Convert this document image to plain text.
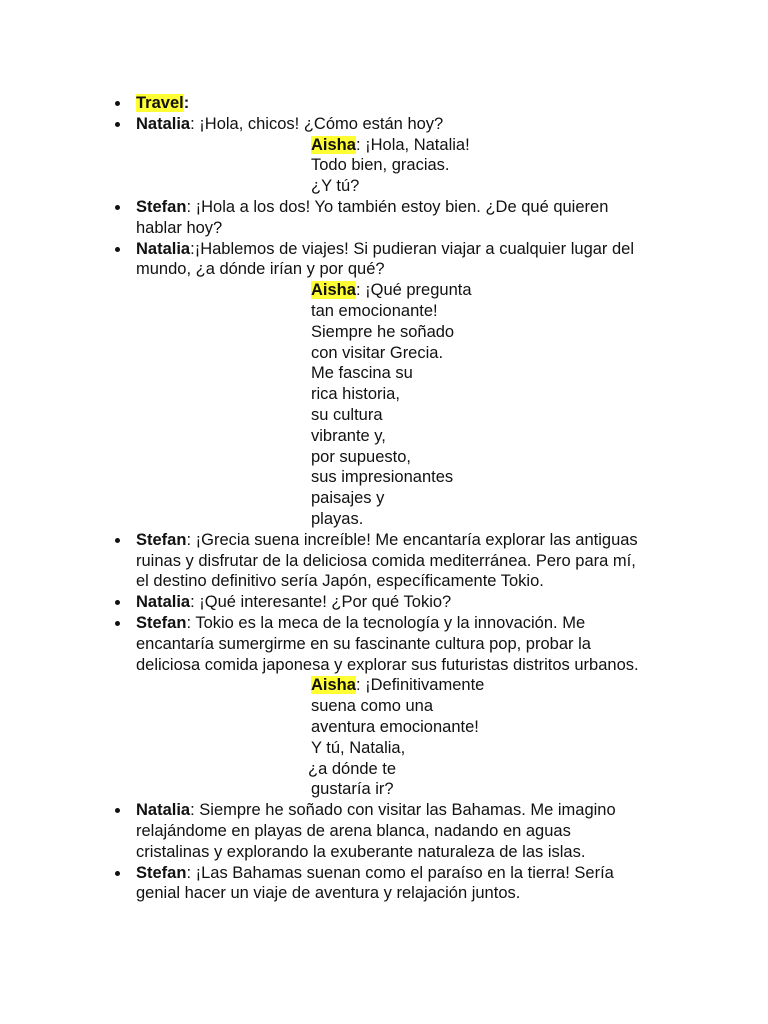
Travel:
Natalia: ¡Hola, chicos! ¿Cómo están hoy?
Aisha: ¡Hola, Natalia!
Todo bien, gracias.
¿Y tú?
Stefan: ¡Hola a los dos! Yo también estoy bien. ¿De qué quieren
hablar hoy?
Natalia:¡Hablemos de viajes! Si pudieran viajar a cualquier lugar del
mundo, ¿a dónde irían y por qué?
Aisha: ¡Qué pregunta
tan emocionante!
Siempre he soñado
con visitar Grecia.
Me fascina su
rica historia,
su cultura
vibrante y,
por supuesto,
sus impresionantes
paisajes y
playas.
Stefan: ¡Grecia suena increíble! Me encantaría explorar las antiguas
ruinas y disfrutar de la deliciosa comida mediterránea. Pero para mí,
el destino definitivo sería Japón, específicamente Tokio.
Natalia: ¡Qué interesante! ¿Por qué Tokio?
Stefan: Tokio es la meca de la tecnología y la innovación. Me
encantaría sumergirme en su fascinante cultura pop, probar la
deliciosa comida japonesa y explorar sus futuristas distritos urbanos.
Aisha: ¡Definitivamente
suena como una
aventura emocionante!
Y tú, Natalia,
¿a dónde te
gustaría ir?
Natalia: Siempre he soñado con visitar las Bahamas. Me imagino
relajándome en playas de arena blanca, nadando en aguas
cristalinas y explorando la exuberante naturaleza de las islas.
Stefan: ¡Las Bahamas suenan como el paraíso en la tierra! Sería
genial hacer un viaje de aventura y relajación juntos.
